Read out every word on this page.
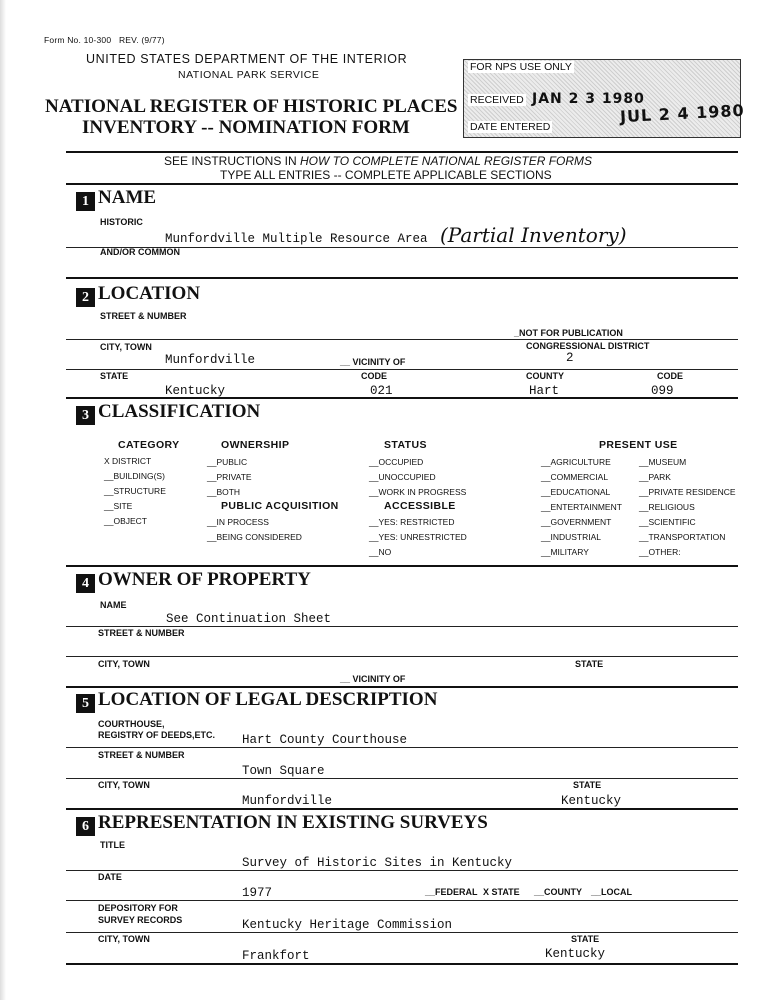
Form No. 10-300 REV. (9/77)
UNITED STATES DEPARTMENT OF THE INTERIOR
NATIONAL PARK SERVICE
NATIONAL REGISTER OF HISTORIC PLACES
INVENTORY -- NOMINATION FORM
FOR NPS USE ONLY
RECEIVED JAN 2 3 1980
JUL 2 4 1980
DATE ENTERED
SEE INSTRUCTIONS IN HOW TO COMPLETE NATIONAL REGISTER FORMS
TYPE ALL ENTRIES -- COMPLETE APPLICABLE SECTIONS
1 NAME
HISTORIC
Munfordville Multiple Resource Area (Partial Inventory)
AND/OR COMMON
2 LOCATION
STREET & NUMBER
_NOT FOR PUBLICATION
CITY, TOWN	CONGRESSIONAL DISTRICT
Munfordville	__ VICINITY OF	2
STATE	CODE	COUNTY	CODE
Kentucky	021	Hart	099
3 CLASSIFICATION
CATEGORY	OWNERSHIP	STATUS	PRESENT USE
X DISTRICT
__BUILDING(S)
__STRUCTURE
__SITE
__OBJECT
__PUBLIC
__PRIVATE
__BOTH
PUBLIC ACQUISITION
__IN PROCESS
__BEING CONSIDERED
__OCCUPIED
__UNOCCUPIED
__WORK IN PROGRESS
ACCESSIBLE
__YES: RESTRICTED
__YES: UNRESTRICTED
__NO
__AGRICULTURE
__COMMERCIAL
__EDUCATIONAL
__ENTERTAINMENT
__GOVERNMENT
__INDUSTRIAL
__MILITARY
__MUSEUM
__PARK
__PRIVATE RESIDENCE
__RELIGIOUS
__SCIENTIFIC
__TRANSPORTATION
__OTHER:
4 OWNER OF PROPERTY
NAME
See Continuation Sheet
STREET & NUMBER
CITY, TOWN	STATE
__ VICINITY OF
5 LOCATION OF LEGAL DESCRIPTION
COURTHOUSE,
REGISTRY OF DEEDS,ETC. Hart County Courthouse
STREET & NUMBER
Town Square
CITY, TOWN	STATE
Munfordville	Kentucky
6 REPRESENTATION IN EXISTING SURVEYS
TITLE
Survey of Historic Sites in Kentucky
DATE
1977	__FEDERAL X STATE __COUNTY __LOCAL
DEPOSITORY FOR
SURVEY RECORDS	Kentucky Heritage Commission
CITY, TOWN	STATE
Frankfort	Kentucky
